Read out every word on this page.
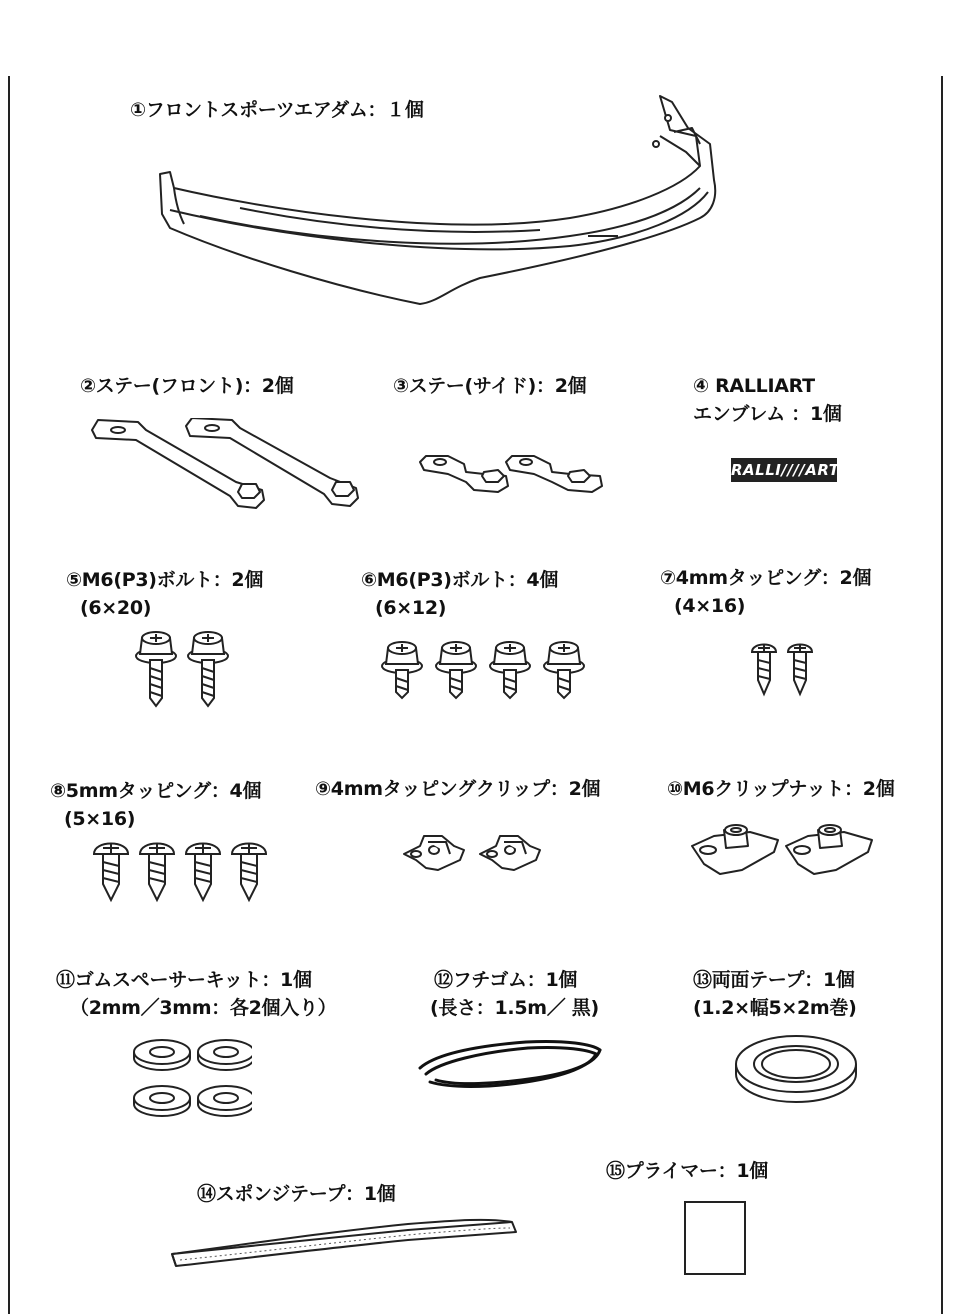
①フロントスポーツエアダム：１個
②ステー(フロント)：2個	③ステー(サイド)：2個	④ RALLIART
エンブレム ：1個
⑤M6(P3)ボルト：2個
(6×20)
⑥M6(P3)ボルト：4個
(6×12)
⑦4mmタッピング：2個
(4×16)
⑧5mmタッピング：4個
(5×16)
⑨4mmタッピングクリップ：2個	⑩M6クリップナット：2個
⑪ゴムスペーサーキット：1個
（2mm／3mm：各2個入り）
⑫フチゴム：1個
(長さ：1.5m／ 黒)
⑬両面テープ：1個
(1.2×幅5×2m巻)
⑭スポンジテープ：1個
⑮プライマー：1個
RALLI////ART
